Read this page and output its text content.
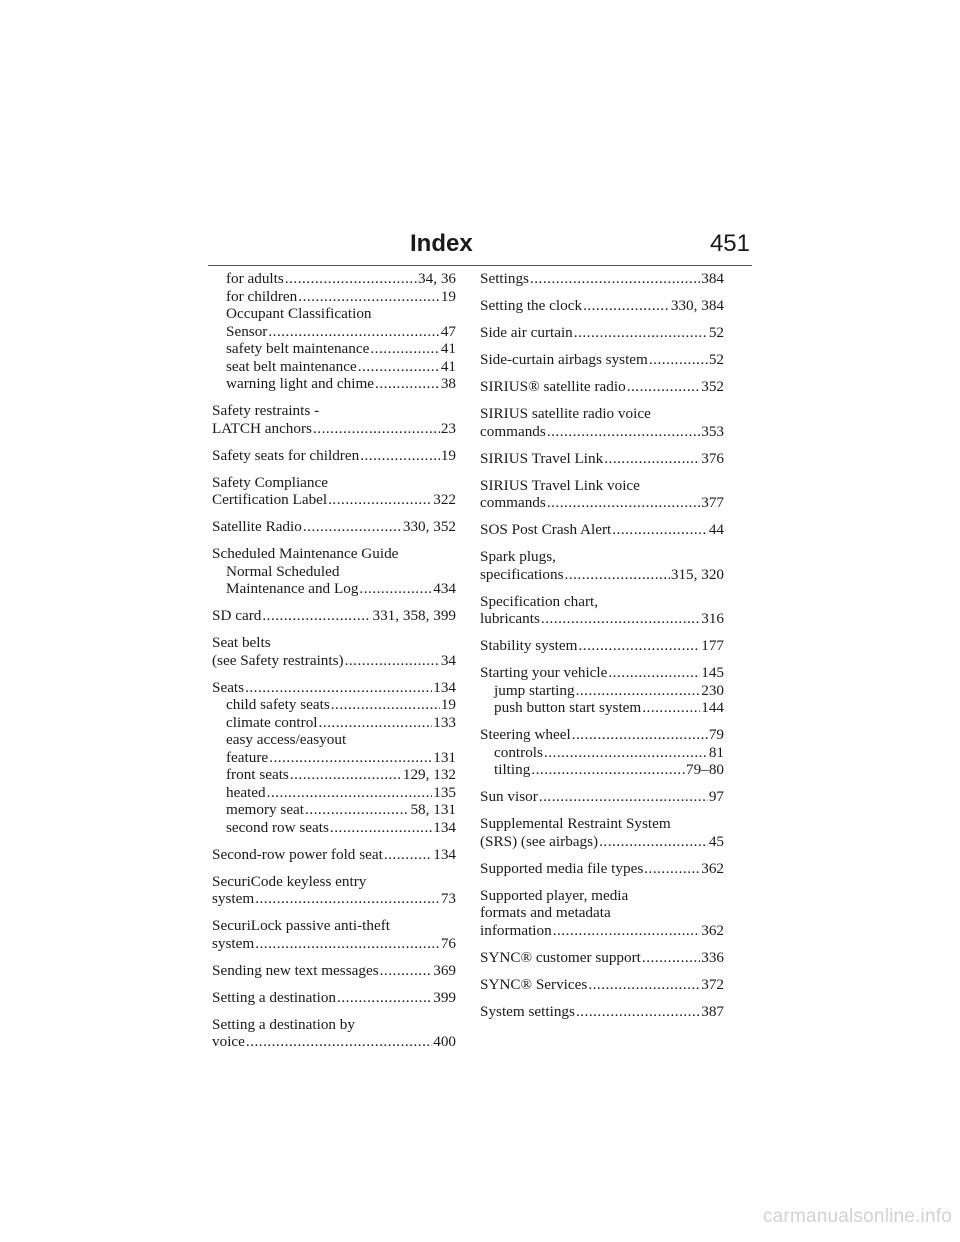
Index	451
for adults .....	34, 36
for children .....	19
Occupant Classification
Sensor .....	47
safety belt maintenance .....	41
seat belt maintenance .....	41
warning light and chime .....	38
Safety restraints -
LATCH anchors .....	23
Safety seats for children .....	19
Safety Compliance
Certification Label .....	322
Satellite Radio .....	330, 352
Scheduled Maintenance Guide
Normal Scheduled
Maintenance and Log .....	434
SD card .....	331, 358, 399
Seat belts
(see Safety restraints) .....	34
Seats .....	134
child safety seats .....	19
climate control .....	133
easy access/easyout
feature .....	131
front seats .....	129, 132
heated .....	135
memory seat .....	58, 131
second row seats .....	134
Second-row power fold seat .....	134
SecuriCode keyless entry
system .....	73
SecuriLock passive anti-theft
system .....	76
Sending new text messages .....	369
Setting a destination .....	399
Setting a destination by
voice .....	400
Settings .....	384
Setting the clock .....	330, 384
Side air curtain .....	52
Side-curtain airbags system .....	52
SIRIUS® satellite radio .....	352
SIRIUS satellite radio voice
commands .....	353
SIRIUS Travel Link .....	376
SIRIUS Travel Link voice
commands .....	377
SOS Post Crash Alert .....	44
Spark plugs,
specifications .....	315, 320
Specification chart,
lubricants .....	316
Stability system .....	177
Starting your vehicle .....	145
jump starting .....	230
push button start system .....	144
Steering wheel .....	79
controls .....	81
tilting .....	79–80
Sun visor .....	97
Supplemental Restraint System
(SRS) (see airbags) .....	45
Supported media file types .....	362
Supported player, media
formats and metadata
information .....	362
SYNC® customer support .....	336
SYNC® Services .....	372
System settings .....	387
carmanualsonline.info
